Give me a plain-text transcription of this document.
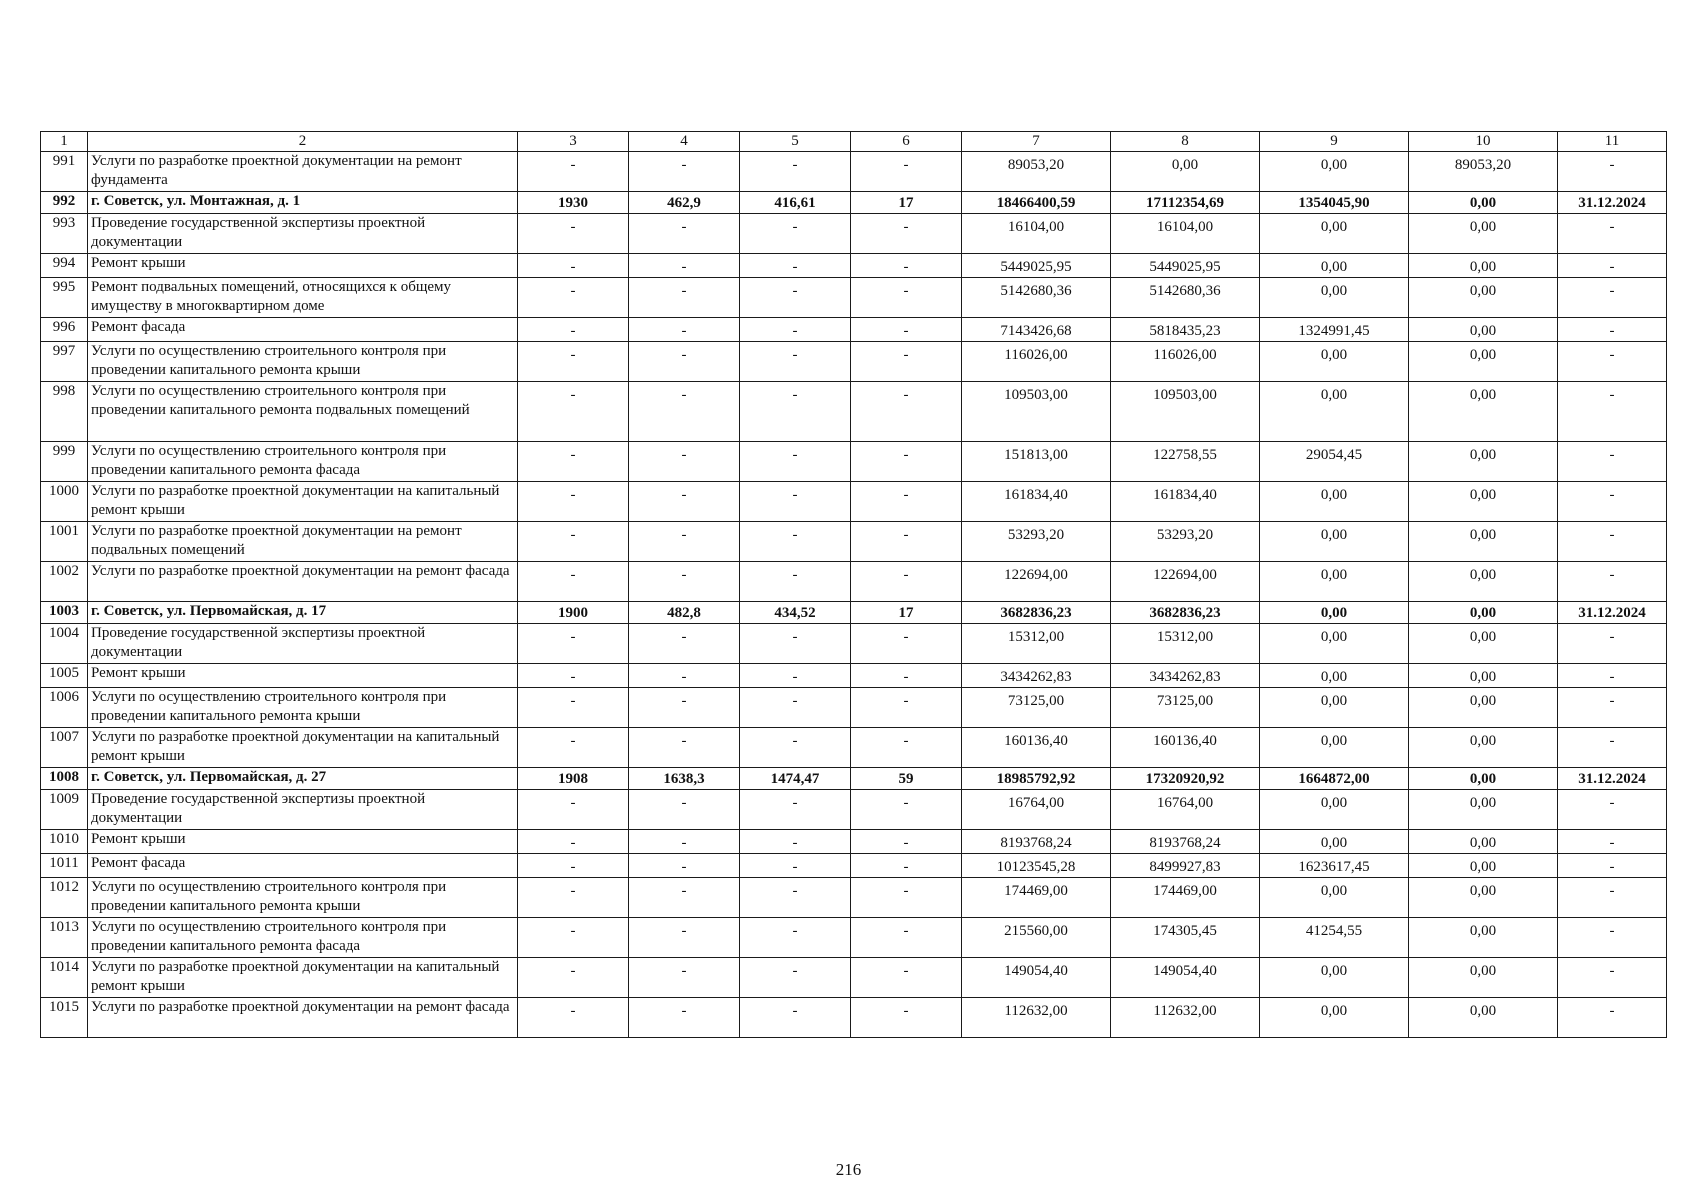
1	2	3	4	5	6	7	8	9	10	11
991	Услуги по разработке проектной документации на ремонт фундамента	-	-	-	-	89053,20	0,00	0,00	89053,20	-
992	г. Советск, ул. Монтажная, д. 1	1930	462,9	416,61	17	18466400,59	17112354,69	1354045,90	0,00	31.12.2024
993	Проведение государственной экспертизы проектной документации	-	-	-	-	16104,00	16104,00	0,00	0,00	-
994	Ремонт крыши	-	-	-	-	5449025,95	5449025,95	0,00	0,00	-
995	Ремонт подвальных помещений, относящихся к общему имуществу в многоквартирном доме	-	-	-	-	5142680,36	5142680,36	0,00	0,00	-
996	Ремонт фасада	-	-	-	-	7143426,68	5818435,23	1324991,45	0,00	-
997	Услуги по осуществлению строительного контроля при проведении капитального ремонта крыши	-	-	-	-	116026,00	116026,00	0,00	0,00	-
998	Услуги по осуществлению строительного контроля при проведении капитального ремонта подвальных помещений	-	-	-	-	109503,00	109503,00	0,00	0,00	-
999	Услуги по осуществлению строительного контроля при проведении капитального ремонта фасада	-	-	-	-	151813,00	122758,55	29054,45	0,00	-
1000	Услуги по разработке проектной документации на капитальный ремонт крыши	-	-	-	-	161834,40	161834,40	0,00	0,00	-
1001	Услуги по разработке проектной документации на ремонт подвальных помещений	-	-	-	-	53293,20	53293,20	0,00	0,00	-
1002	Услуги по разработке проектной документации на ремонт фасада	-	-	-	-	122694,00	122694,00	0,00	0,00	-
1003	г. Советск, ул. Первомайская, д. 17	1900	482,8	434,52	17	3682836,23	3682836,23	0,00	0,00	31.12.2024
1004	Проведение государственной экспертизы проектной документации	-	-	-	-	15312,00	15312,00	0,00	0,00	-
1005	Ремонт крыши	-	-	-	-	3434262,83	3434262,83	0,00	0,00	-
1006	Услуги по осуществлению строительного контроля при проведении капитального ремонта крыши	-	-	-	-	73125,00	73125,00	0,00	0,00	-
1007	Услуги по разработке проектной документации на капитальный ремонт крыши	-	-	-	-	160136,40	160136,40	0,00	0,00	-
1008	г. Советск, ул. Первомайская, д. 27	1908	1638,3	1474,47	59	18985792,92	17320920,92	1664872,00	0,00	31.12.2024
1009	Проведение государственной экспертизы проектной документации	-	-	-	-	16764,00	16764,00	0,00	0,00	-
1010	Ремонт крыши	-	-	-	-	8193768,24	8193768,24	0,00	0,00	-
1011	Ремонт фасада	-	-	-	-	10123545,28	8499927,83	1623617,45	0,00	-
1012	Услуги по осуществлению строительного контроля при проведении капитального ремонта крыши	-	-	-	-	174469,00	174469,00	0,00	0,00	-
1013	Услуги по осуществлению строительного контроля при проведении капитального ремонта фасада	-	-	-	-	215560,00	174305,45	41254,55	0,00	-
1014	Услуги по разработке проектной документации на капитальный ремонт крыши	-	-	-	-	149054,40	149054,40	0,00	0,00	-
1015	Услуги по разработке проектной документации на ремонт фасада	-	-	-	-	112632,00	112632,00	0,00	0,00	-
216
